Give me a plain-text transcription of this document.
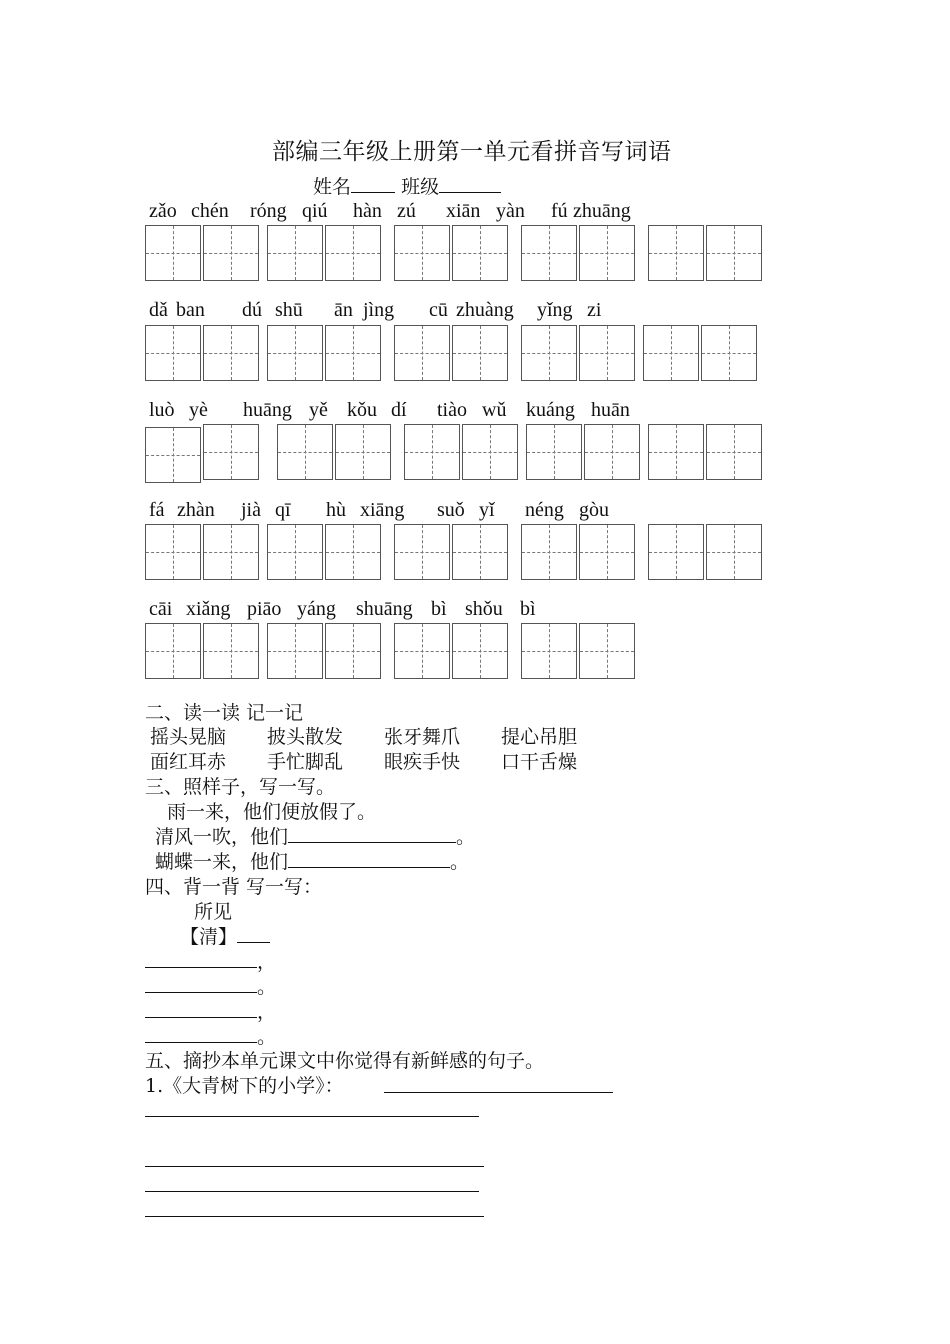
部编三年级上册第一单元看拼音写词语
姓名	班级
zǎo chén róng qiú hàn zú xiān yàn fú zhuāng
dǎ ban dú shū ān jìng cū zhuàng yǐng zi
luò yè huāng yě kǒu dí tiào wǔ kuáng huān
fá zhàn jià qī hù xiāng suǒ yǐ néng gòu
cāi xiǎng piāo yáng shuāng bì shǒu bì
二、读一读 记一记
摇头晃脑 披头散发 张牙舞爪 提心吊胆
面红耳赤 手忙脚乱 眼疾手快 口干舌燥
三、照样子，写一写。
雨一来，他们便放假了。
清风一吹，他们	。
蝴蝶一来，他们	。
四、背一背 写一写：
所见
【清】
，
。
，
。
五、摘抄本单元课文中你觉得有新鲜感的句子。
1.《大青树下的小学》：
